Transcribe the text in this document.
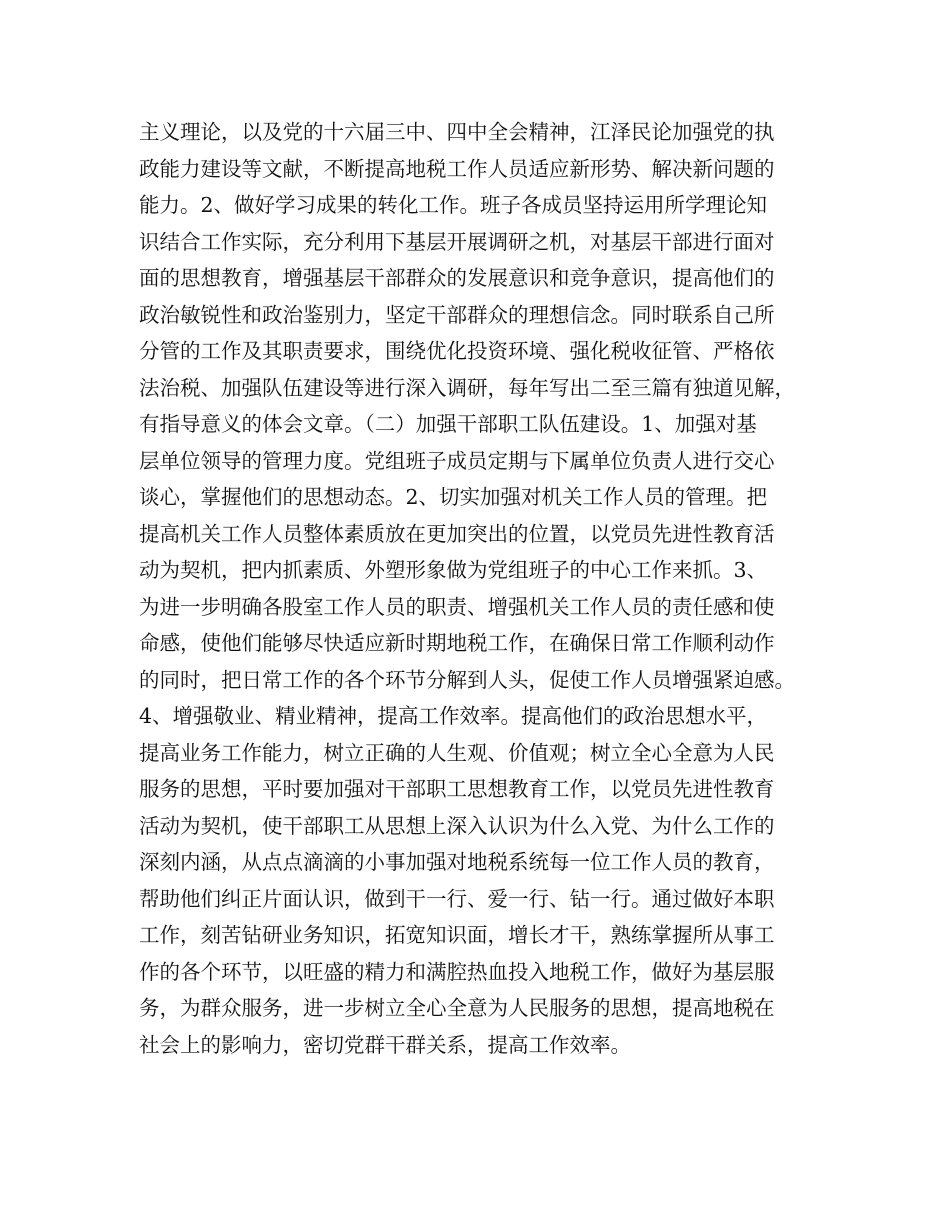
主义理论，以及党的十六届三中、四中全会精神，江泽民论加强党的执
政能力建设等文献，不断提高地税工作人员适应新形势、解决新问题的
能力。2、做好学习成果的转化工作。班子各成员坚持运用所学理论知
识结合工作实际，充分利用下基层开展调研之机，对基层干部进行面对
面的思想教育，增强基层干部群众的发展意识和竞争意识，提高他们的
政治敏锐性和政治鉴别力，坚定干部群众的理想信念。同时联系自己所
分管的工作及其职责要求，围绕优化投资环境、强化税收征管、严格依
法治税、加强队伍建设等进行深入调研，每年写出二至三篇有独道见解，
有指导意义的体会文章。（二）加强干部职工队伍建设。1、加强对基
层单位领导的管理力度。党组班子成员定期与下属单位负责人进行交心
谈心，掌握他们的思想动态。2、切实加强对机关工作人员的管理。把
提高机关工作人员整体素质放在更加突出的位置，以党员先进性教育活
动为契机，把内抓素质、外塑形象做为党组班子的中心工作来抓。3、
为进一步明确各股室工作人员的职责、增强机关工作人员的责任感和使
命感，使他们能够尽快适应新时期地税工作，在确保日常工作顺利动作
的同时，把日常工作的各个环节分解到人头，促使工作人员增强紧迫感。
4、增强敬业、精业精神，提高工作效率。提高他们的政治思想水平，
提高业务工作能力，树立正确的人生观、价值观；树立全心全意为人民
服务的思想，平时要加强对干部职工思想教育工作，以党员先进性教育
活动为契机，使干部职工从思想上深入认识为什么入党、为什么工作的
深刻内涵，从点点滴滴的小事加强对地税系统每一位工作人员的教育，
帮助他们纠正片面认识，做到干一行、爱一行、钻一行。通过做好本职
工作，刻苦钻研业务知识，拓宽知识面，增长才干，熟练掌握所从事工
作的各个环节，以旺盛的精力和满腔热血投入地税工作，做好为基层服
务，为群众服务，进一步树立全心全意为人民服务的思想，提高地税在
社会上的影响力，密切党群干群关系，提高工作效率。
